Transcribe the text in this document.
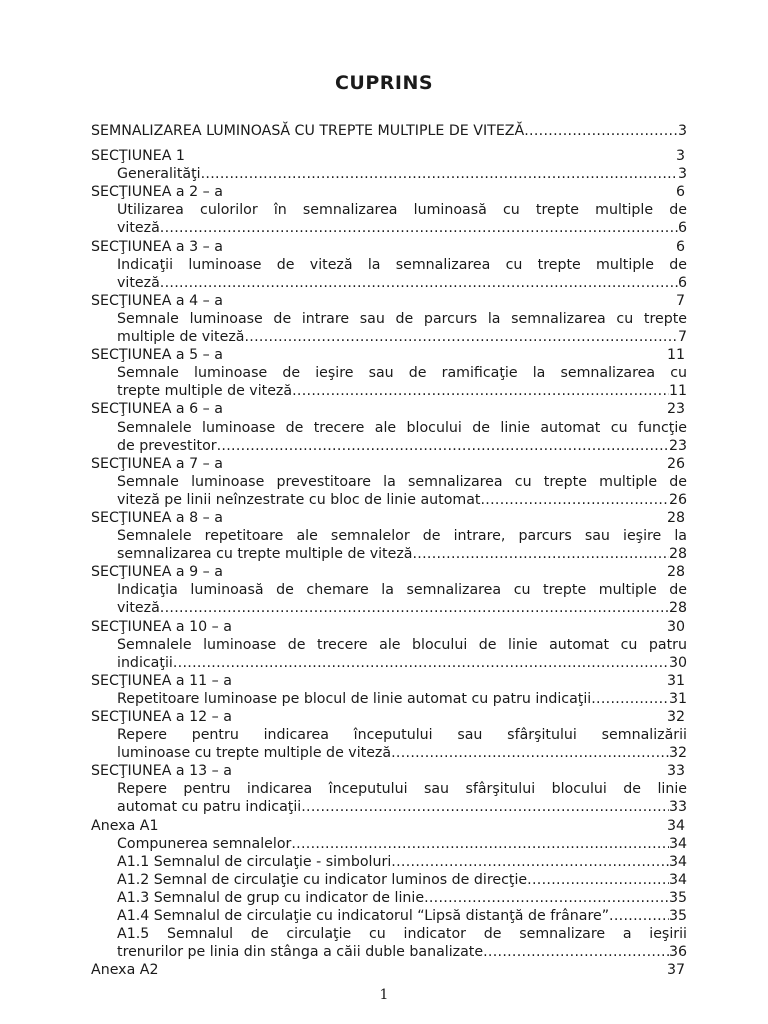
CUPRINS
SEMNALIZAREA LUMINOASĂ CU TREPTE MULTIPLE DE VITEZĂ .....	3
SECŢIUNEA 1	3
Generalităţi .....	3
SECŢIUNEA a 2 – a	6
Utilizarea culorilor în semnalizarea luminoasă cu trepte multiple de
viteză .....	6
SECŢIUNEA a 3 – a	6
Indicaţii luminoase de viteză la semnalizarea cu trepte multiple de
viteză .....	6
SECŢIUNEA a 4 – a	7
Semnale luminoase de intrare sau de parcurs la semnalizarea cu trepte
multiple de viteză .....	7
SECŢIUNEA a 5 – a	11
Semnale luminoase de ieşire sau de ramificaţie la semnalizarea cu
trepte multiple de viteză .....	11
SECŢIUNEA a 6 – a	23
Semnalele luminoase de trecere ale blocului de linie automat cu funcţie
de prevestitor .....	23
SECŢIUNEA a 7 – a	26
Semnale luminoase prevestitoare la semnalizarea cu trepte multiple de
viteză pe linii neînzestrate cu bloc de linie automat .....	26
SECŢIUNEA a 8 – a	28
Semnalele repetitoare ale semnalelor de intrare, parcurs sau ieşire la
semnalizarea cu trepte multiple de viteză .....	28
SECŢIUNEA a 9 – a	28
Indicaţia luminoasă de chemare la semnalizarea cu trepte multiple de
viteză .....	28
SECŢIUNEA a 10 – a	30
Semnalele luminoase de trecere ale blocului de linie automat cu patru
indicaţii .....	30
SECŢIUNEA a 11 – a	31
Repetitoare luminoase pe blocul de linie automat cu patru indicaţii .....	31
SECŢIUNEA a 12 – a	32
Repere pentru indicarea începutului sau sfârşitului semnalizării
luminoase cu trepte multiple de viteză .....	32
SECŢIUNEA a 13 – a	33
Repere pentru indicarea începutului sau sfârşitului blocului de linie
automat cu patru indicaţii .....	33
Anexa A1	34
Compunerea semnalelor .....	34
A1.1 Semnalul de circulaţie - simboluri .....	34
A1.2 Semnal de circulaţie cu indicator luminos de direcţie .....	34
A1.3 Semnalul de grup cu indicator de linie .....	35
A1.4 Semnalul de circulaţie cu indicatorul “Lipsă distanţă de frânare” .....	35
A1.5 Semnalul de circulaţie cu indicator de semnalizare a ieşirii
trenurilor pe linia din stânga a căii duble banalizate .....	36
Anexa A2	37
1
